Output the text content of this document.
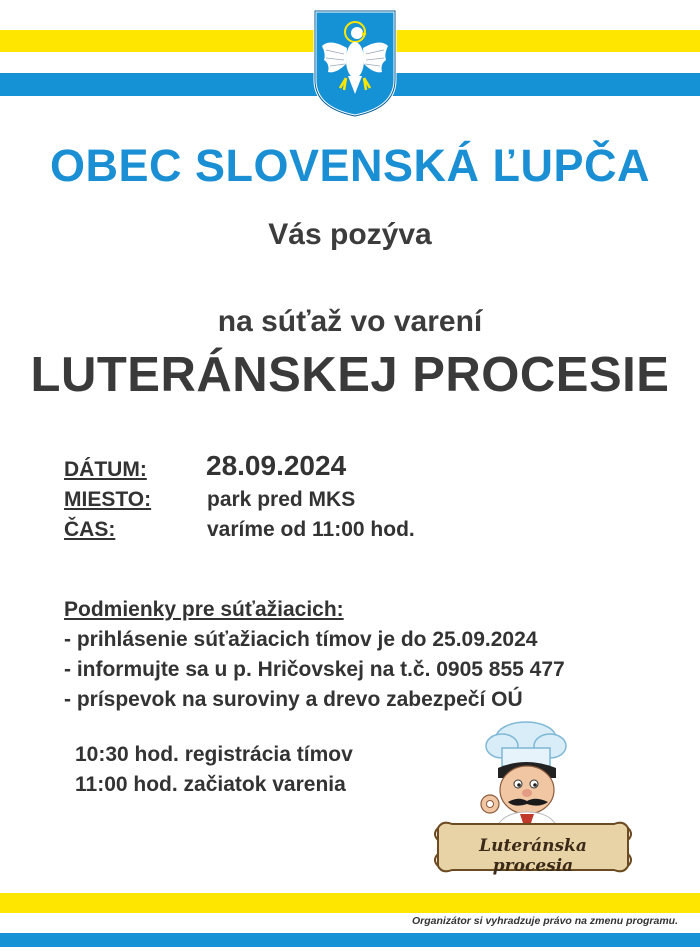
OBEC SLOVENSKÁ ĽUPČA
Vás pozýva
na súťaž vo varení
LUTERÁNSKEJ PROCESIE
DÁTUM: 28.09.2024
MIESTO:	park pred MKS
ČAS:	varíme od 11:00 hod.
Podmienky pre súťažiacich:
- prihlásenie súťažiacich tímov je do 25.09.2024
- informujte sa u p. Hričovskej na t.č. 0905 855 477
- príspevok na suroviny a drevo zabezpečí OÚ
10:30 hod. registrácia tímov
11:00 hod. začiatok varenia
Luteránska procesia
Organizátor si vyhradzuje právo na zmenu programu.
